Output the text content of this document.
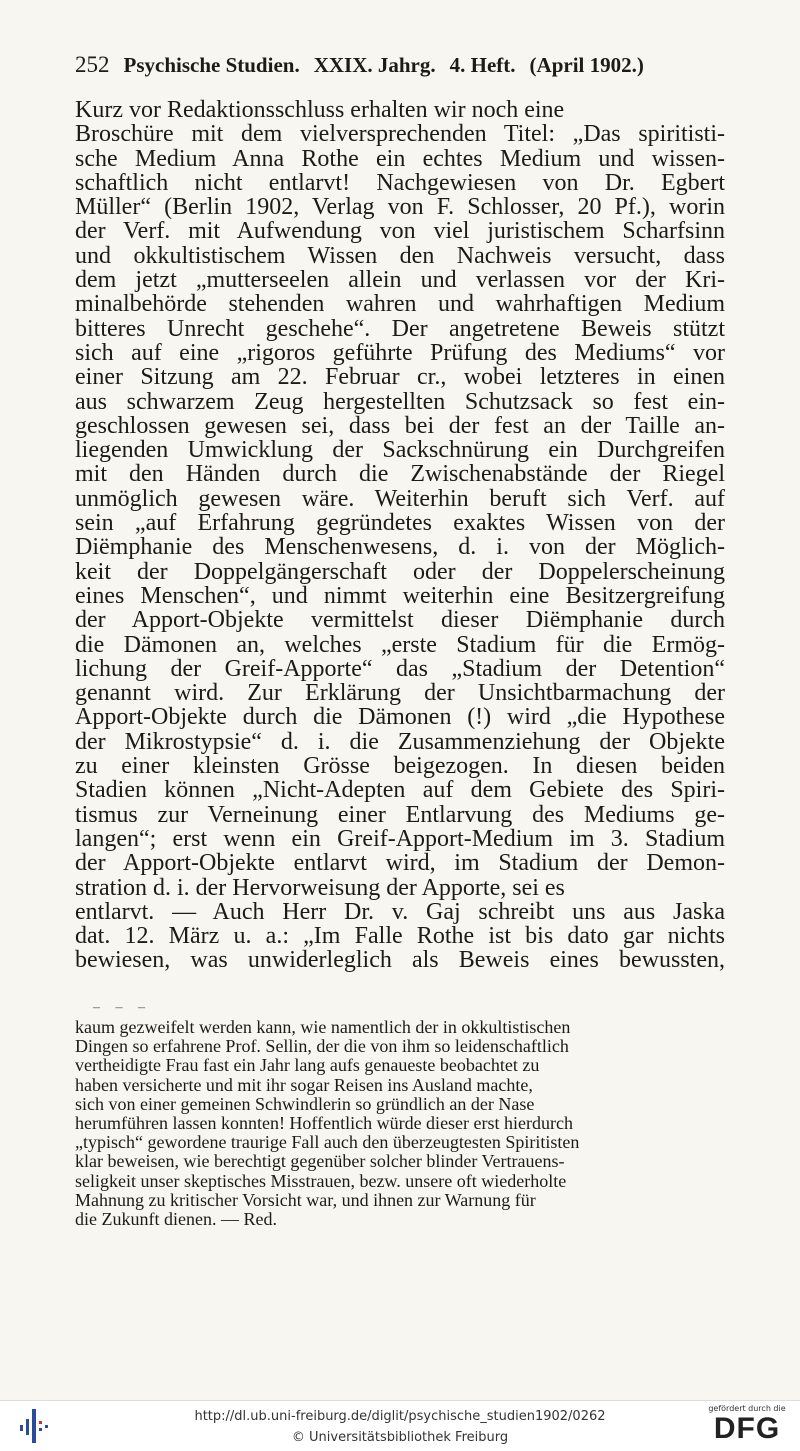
252 Psychische Studien. XXIX. Jahrg. 4. Heft. (April 1902.)
Kurz vor Redaktionsschluss erhalten wir noch eine
Broschüre mit dem vielversprechenden Titel: „Das spiritisti-
sche Medium Anna Rothe ein echtes Medium und wissen-
schaftlich nicht entlarvt! Nachgewiesen von Dr. Egbert
Müller“ (Berlin 1902, Verlag von F. Schlosser, 20 Pf.), worin
der Verf. mit Aufwendung von viel juristischem Scharfsinn
und okkultistischem Wissen den Nachweis versucht, dass
dem jetzt „mutterseelen allein und verlassen vor der Kri-
minalbehörde stehenden wahren und wahrhaftigen Medium
bitteres Unrecht geschehe“. Der angetretene Beweis stützt
sich auf eine „rigoros geführte Prüfung des Mediums“ vor
einer Sitzung am 22. Februar cr., wobei letzteres in einen
aus schwarzem Zeug hergestellten Schutzsack so fest ein-
geschlossen gewesen sei, dass bei der fest an der Taille an-
liegenden Umwicklung der Sackschnürung ein Durchgreifen
mit den Händen durch die Zwischenabstände der Riegel
unmöglich gewesen wäre. Weiterhin beruft sich Verf. auf
sein „auf Erfahrung gegründetes exaktes Wissen von der
Diëmphanie des Menschenwesens, d. i. von der Möglich-
keit der Doppelgängerschaft oder der Doppelerscheinung
eines Menschen“, und nimmt weiterhin eine Besitzergreifung
der Apport-Objekte vermittelst dieser Diëmphanie durch
die Dämonen an, welches „erste Stadium für die Ermög-
lichung der Greif-Apporte“ das „Stadium der Detention“
genannt wird. Zur Erklärung der Unsichtbarmachung der
Apport-Objekte durch die Dämonen (!) wird „die Hypothese
der Mikrostypsie“ d. i. die Zusammenziehung der Objekte
zu einer kleinsten Grösse beigezogen. In diesen beiden
Stadien können „Nicht-Adepten auf dem Gebiete des Spiri-
tismus zur Verneinung einer Entlarvung des Mediums ge-
langen“; erst wenn ein Greif-Apport-Medium im 3. Stadium
der Apport-Objekte entlarvt wird, im Stadium der Demon-
stration d. i. der Hervorweisung der Apporte, sei es
entlarvt. — Auch Herr Dr. v. Gaj schreibt uns aus Jaska
dat. 12. März u. a.: „Im Falle Rothe ist bis dato gar nichts
bewiesen, was unwiderleglich als Beweis eines bewussten,
– – –
kaum gezweifelt werden kann, wie namentlich der in okkultistischen
Dingen so erfahrene Prof. Sellin, der die von ihm so leidenschaftlich
vertheidigte Frau fast ein Jahr lang aufs genaueste beobachtet zu
haben versicherte und mit ihr sogar Reisen ins Ausland machte,
sich von einer gemeinen Schwindlerin so gründlich an der Nase
herumführen lassen konnten! Hoffentlich würde dieser erst hierdurch
„typisch“ gewordene traurige Fall auch den überzeugtesten Spiritisten
klar beweisen, wie berechtigt gegenüber solcher blinder Vertrauens-
seligkeit unser skeptisches Misstrauen, bezw. unsere oft wiederholte
Mahnung zu kritischer Vorsicht war, und ihnen zur Warnung für
die Zukunft dienen. — Red.
http://dl.ub.uni-freiburg.de/diglit/psychische_studien1902/0262
© Universitätsbibliothek Freiburg
gefördert durch die
DFG
